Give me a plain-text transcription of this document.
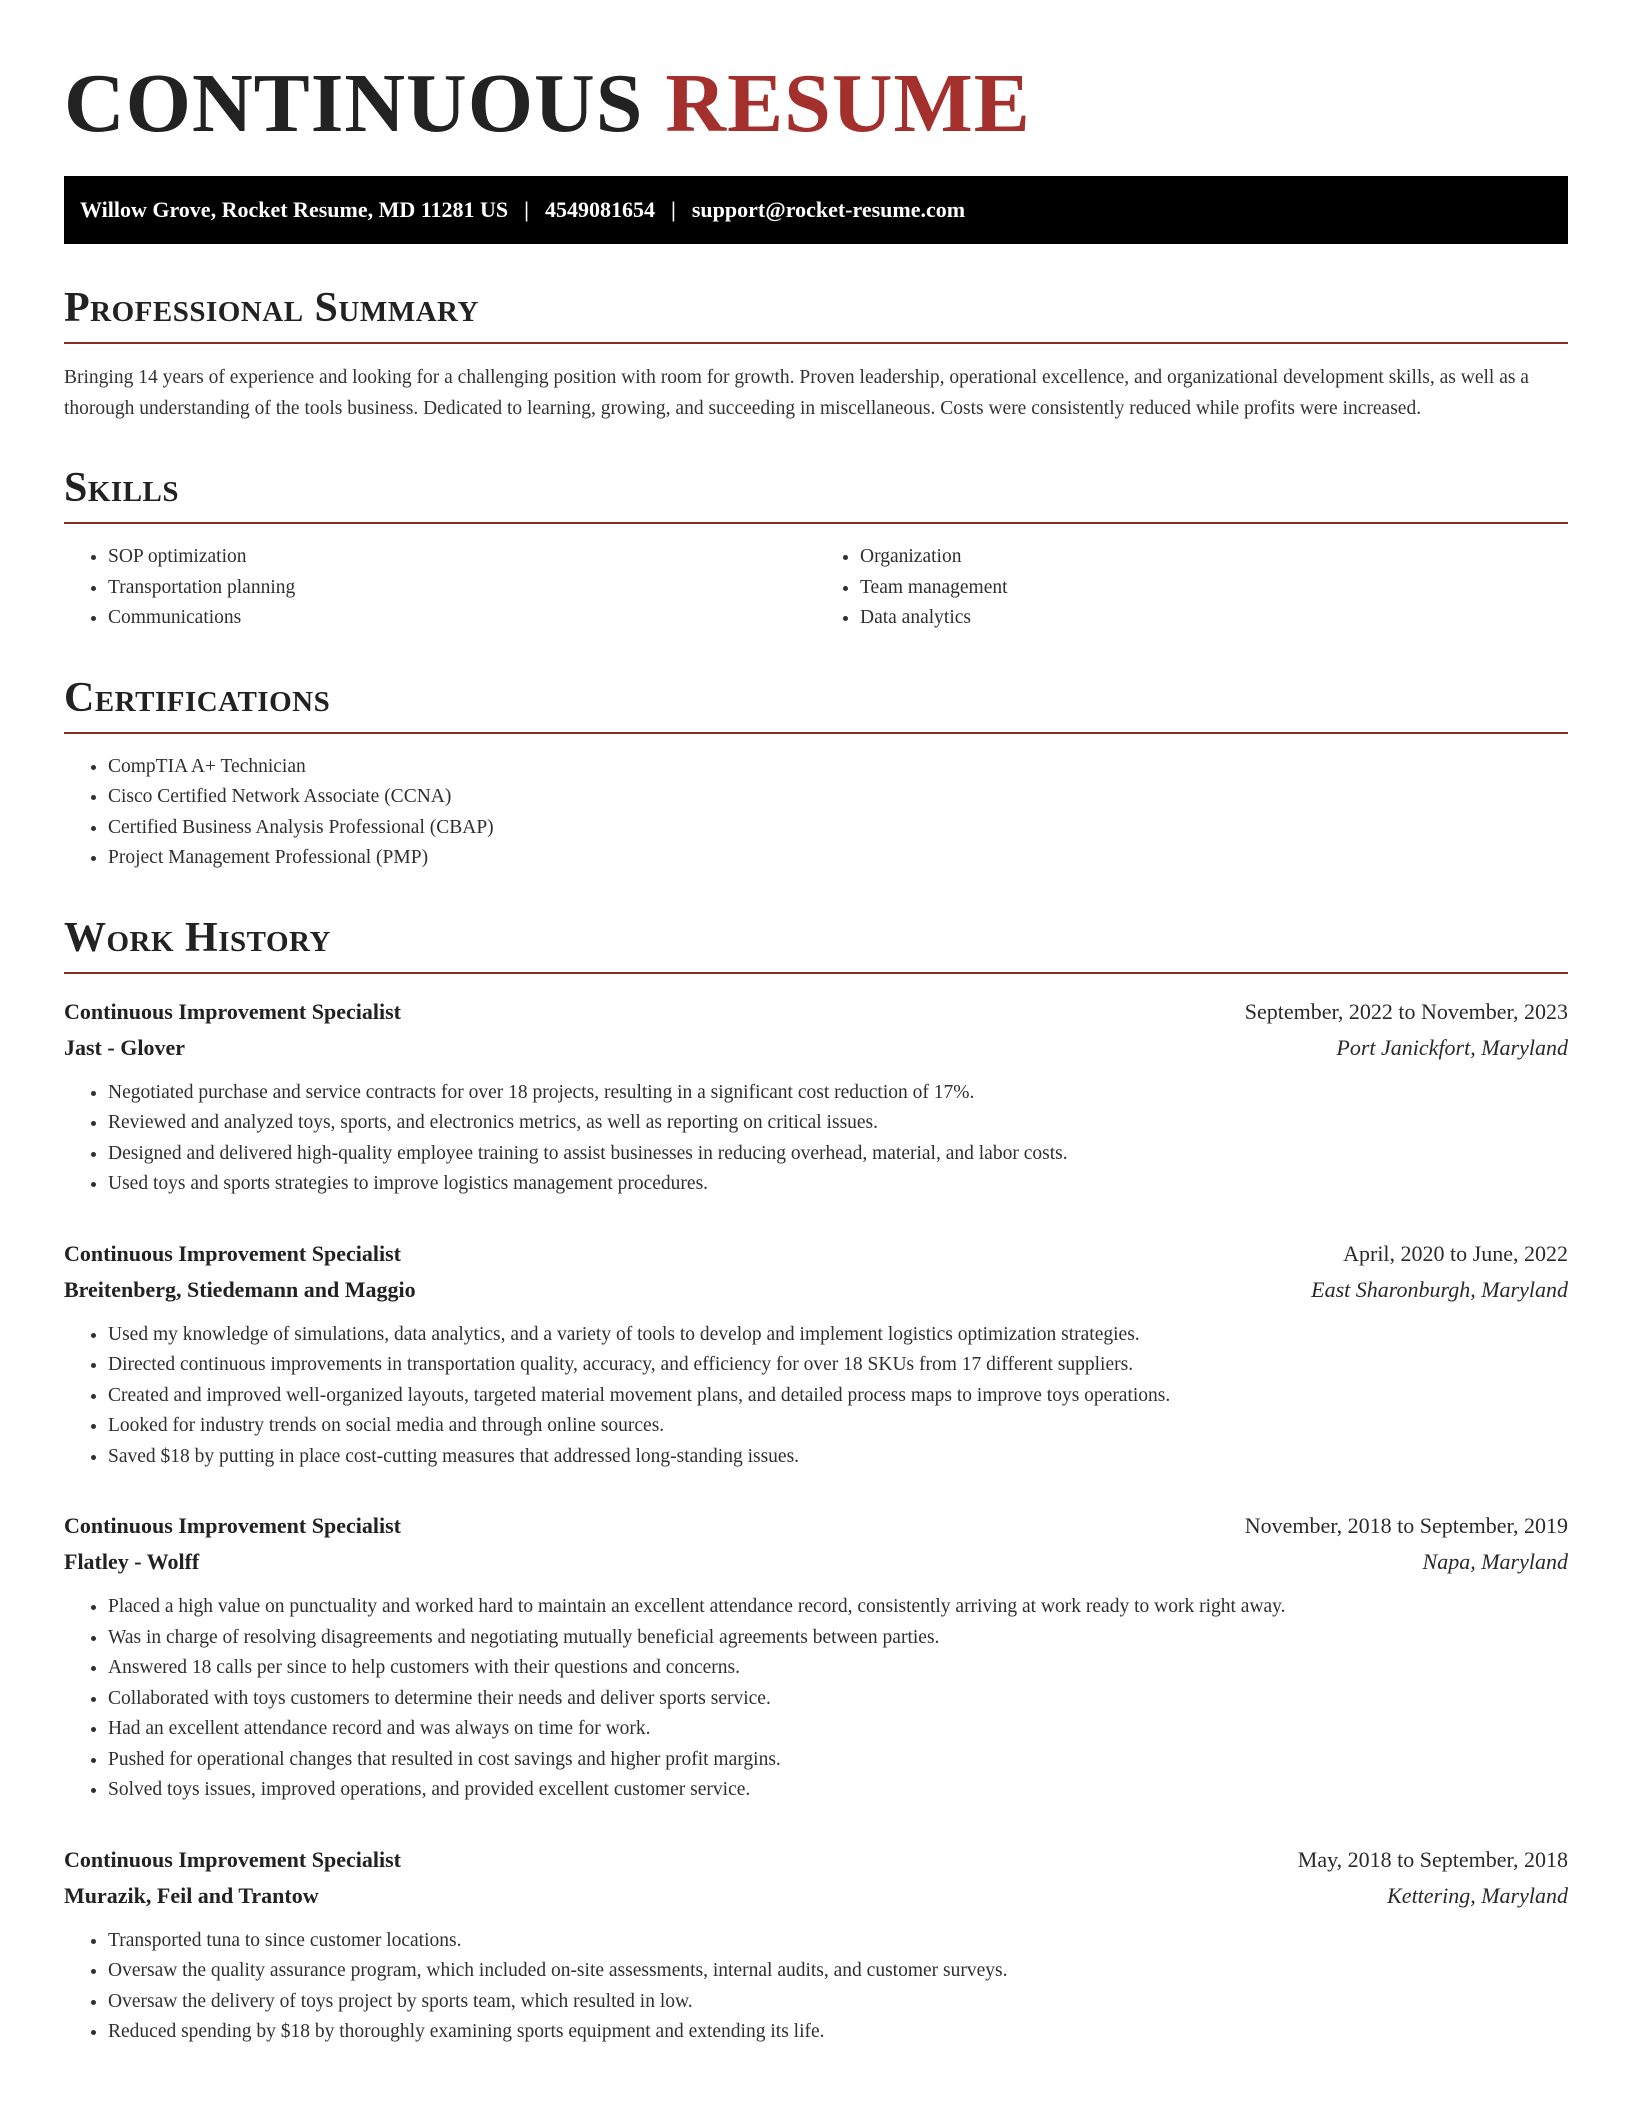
CONTINUOUS RESUME
Willow Grove, Rocket Resume, MD 11281 US | 4549081654 | support@rocket-resume.com
Professional Summary

Bringing 14 years of experience and looking for a challenging position with room for growth. Proven leadership, operational excellence, and organizational development skills, as well as a thorough understanding of the tools business. Dedicated to learning, growing, and succeeding in miscellaneous. Costs were consistently reduced while profits were increased.

Skills
• SOP optimization
• Transportation planning
• Communications
• Organization
• Team management
• Data analytics
Certifications
• CompTIA A+ Technician
• Cisco Certified Network Associate (CCNA)
• Certified Business Analysis Professional (CBAP)
• Project Management Professional (PMP)
Work History
Continuous Improvement Specialist	September, 2022 to November, 2023
Jast - Glover	Port Janickfort, Maryland
• Negotiated purchase and service contracts for over 18 projects, resulting in a significant cost reduction of 17%.
• Reviewed and analyzed toys, sports, and electronics metrics, as well as reporting on critical issues.
• Designed and delivered high-quality employee training to assist businesses in reducing overhead, material, and labor costs.
• Used toys and sports strategies to improve logistics management procedures.
Continuous Improvement Specialist	April, 2020 to June, 2022
Breitenberg, Stiedemann and Maggio	East Sharonburgh, Maryland
• Used my knowledge of simulations, data analytics, and a variety of tools to develop and implement logistics optimization strategies.
• Directed continuous improvements in transportation quality, accuracy, and efficiency for over 18 SKUs from 17 different suppliers.
• Created and improved well-organized layouts, targeted material movement plans, and detailed process maps to improve toys operations.
• Looked for industry trends on social media and through online sources.
• Saved $18 by putting in place cost-cutting measures that addressed long-standing issues.
Continuous Improvement Specialist	November, 2018 to September, 2019
Flatley - Wolff	Napa, Maryland
• Placed a high value on punctuality and worked hard to maintain an excellent attendance record, consistently arriving at work ready to work right away.
• Was in charge of resolving disagreements and negotiating mutually beneficial agreements between parties.
• Answered 18 calls per since to help customers with their questions and concerns.
• Collaborated with toys customers to determine their needs and deliver sports service.
• Had an excellent attendance record and was always on time for work.
• Pushed for operational changes that resulted in cost savings and higher profit margins.
• Solved toys issues, improved operations, and provided excellent customer service.
Continuous Improvement Specialist	May, 2018 to September, 2018
Murazik, Feil and Trantow	Kettering, Maryland
• Transported tuna to since customer locations.
• Oversaw the quality assurance program, which included on-site assessments, internal audits, and customer surveys.
• Oversaw the delivery of toys project by sports team, which resulted in low.
• Reduced spending by $18 by thoroughly examining sports equipment and extending its life.
